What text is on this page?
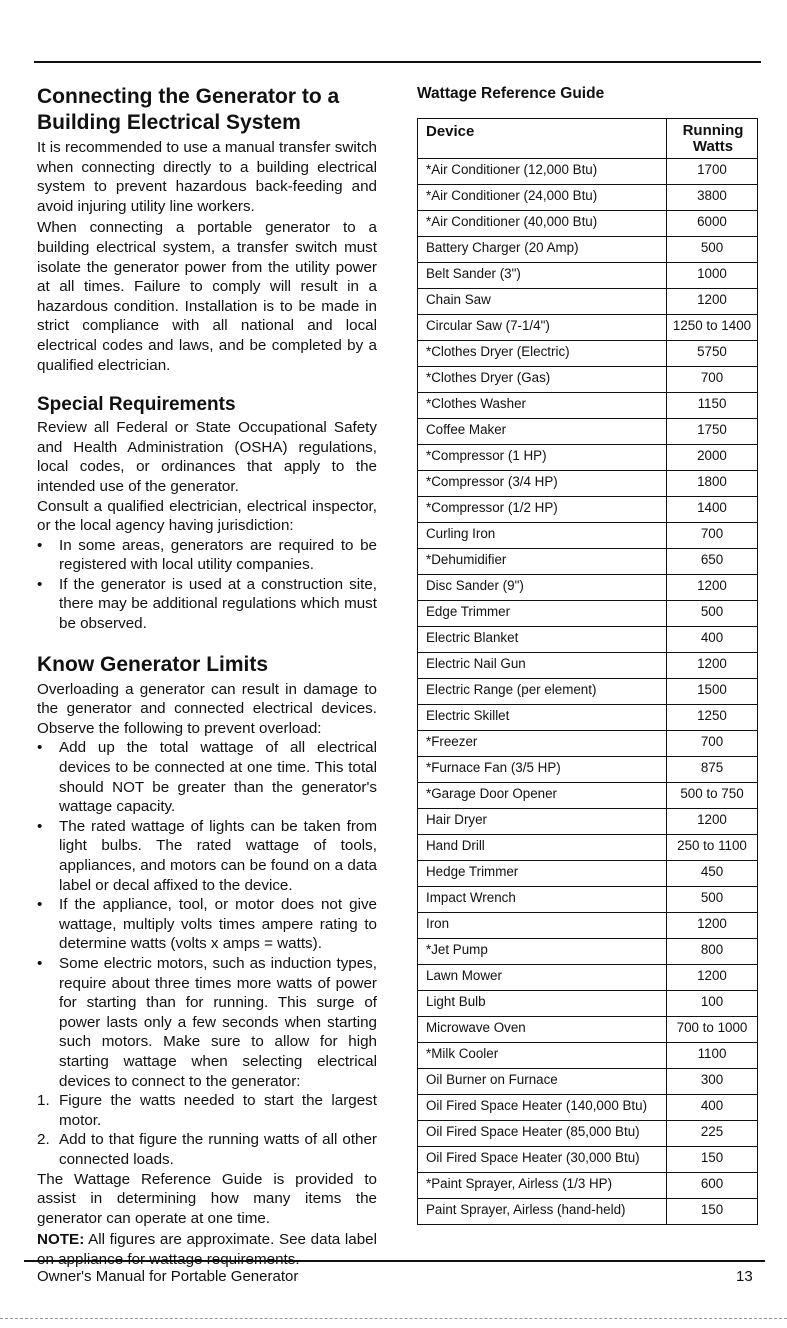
Connecting the Generator to a Building Electrical System

It is recommended to use a manual transfer switch when connecting directly to a building electrical system to prevent hazardous back-feeding and avoid injuring utility line workers.

When connecting a portable generator to a building electrical system, a transfer switch must isolate the generator power from the utility power at all times. Failure to comply will result in a hazardous condition. Installation is to be made in strict compliance with all national and local electrical codes and laws, and be completed by a qualified electrician.

Special Requirements

Review all Federal or State Occupational Safety and Health Administration (OSHA) regulations, local codes, or ordinances that apply to the intended use of the generator.

Consult a qualified electrician, electrical inspector, or the local agency having jurisdiction:

•	In some areas, generators are required to be registered with local utility companies.

•	If the generator is used at a construction site, there may be additional regulations which must be observed.

Know Generator Limits

Overloading a generator can result in damage to the generator and connected electrical devices. Observe the following to prevent overload:

•	Add up the total wattage of all electrical devices to be connected at one time. This total should NOT be greater than the generator's wattage capacity.

•	The rated wattage of lights can be taken from light bulbs. The rated wattage of tools, appliances, and motors can be found on a data label or decal affixed to the device.

•	If the appliance, tool, or motor does not give wattage, multiply volts times ampere rating to determine watts (volts x amps = watts).

•	Some electric motors, such as induction types, require about three times more watts of power for starting than for running. This surge of power lasts only a few seconds when starting such motors. Make sure to allow for high starting wattage when selecting electrical devices to connect to the generator:

1. Figure the watts needed to start the largest motor.

2. Add to that figure the running watts of all other connected loads.

The Wattage Reference Guide is provided to assist in determining how many items the generator can operate at one time.

NOTE: All figures are approximate. See data label

Wattage Reference Guide
Device	Running Watts
*Air Conditioner (12,000 Btu)	1700
*Air Conditioner (24,000 Btu)	3800
*Air Conditioner (40,000 Btu)	6000
Battery Charger (20 Amp)	500
Belt Sander (3")	1000
Chain Saw	1200
Circular Saw (7-1/4")	1250 to 1400
*Clothes Dryer (Electric)	5750
*Clothes Dryer (Gas)	700
*Clothes Washer	1150
Coffee Maker	1750
*Compressor (1 HP)	2000
*Compressor (3/4 HP)	1800
*Compressor (1/2 HP)	1400
Curling Iron	700
*Dehumidifier	650
Disc Sander (9")	1200
Edge Trimmer	500
Electric Blanket	400
Electric Nail Gun	1200
Electric Range (per element)	1500
Electric Skillet	1250
*Freezer	700
*Furnace Fan (3/5 HP)	875
*Garage Door Opener	500 to 750
Hair Dryer	1200
Hand Drill	250 to 1100
Hedge Trimmer	450
Impact Wrench	500
Iron	1200
*Jet Pump	800
Lawn Mower	1200
Light Bulb	100
Microwave Oven	700 to 1000
*Milk Cooler	1100
Oil Burner on Furnace	300
Oil Fired Space Heater (140,000 Btu)	400
Oil Fired Space Heater (85,000 Btu)	225
Oil Fired Space Heater (30,000 Btu)	150
*Paint Sprayer, Airless (1/3 HP)	600
Paint Sprayer, Airless (hand-held)	150
Owner's Manual for Portable Generator	13
